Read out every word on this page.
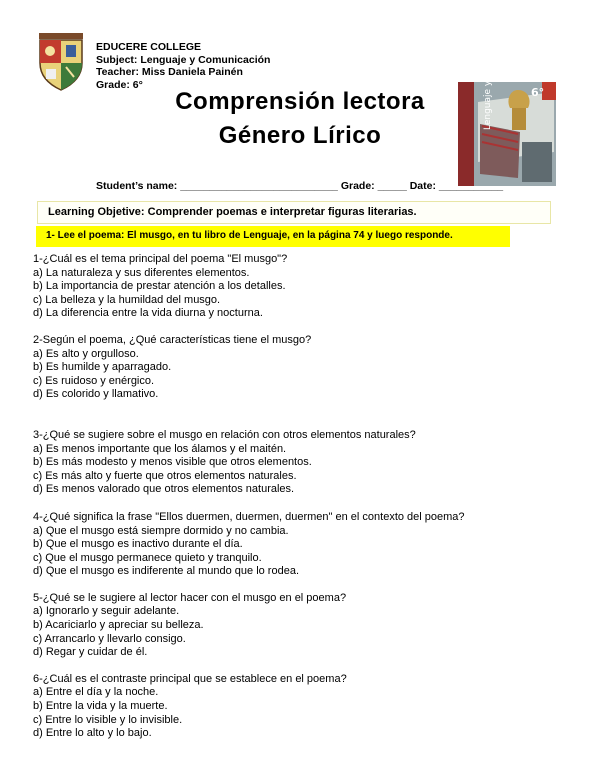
EDUCERE COLLEGE
Subject: Lenguaje y Comunicación
Teacher: Miss Daniela Painén
Grade: 6°
Comprensión lectora
Género Lírico
Lenguaje y Comunicación	6°
Student’s name: ___________________________ Grade: _____ Date: ___________
Learning Objetive: Comprender poemas e interpretar figuras literarias.
1- Lee el poema: El musgo, en tu libro de Lenguaje, en la página 74 y luego responde.

1-¿Cuál es el tema principal del poema "El musgo"?

a) La naturaleza y sus diferentes elementos.

b) La importancia de prestar atención a los detalles.

c) La belleza y la humildad del musgo.

d) La diferencia entre la vida diurna y nocturna.

2-Según el poema, ¿Qué características tiene el musgo?

a) Es alto y orgulloso.

b) Es humilde y aparragado.

c) Es ruidoso y enérgico.

d) Es colorido y llamativo.

3-¿Qué se sugiere sobre el musgo en relación con otros elementos naturales?

a) Es menos importante que los álamos y el maitén.

b) Es más modesto y menos visible que otros elementos.

c) Es más alto y fuerte que otros elementos naturales.

d) Es menos valorado que otros elementos naturales.

4-¿Qué significa la frase "Ellos duermen, duermen, duermen" en el contexto del poema?

a) Que el musgo está siempre dormido y no cambia.

b) Que el musgo es inactivo durante el día.

c) Que el musgo permanece quieto y tranquilo.

d) Que el musgo es indiferente al mundo que lo rodea.

5-¿Qué se le sugiere al lector hacer con el musgo en el poema?

a) Ignorarlo y seguir adelante.

b) Acariciarlo y apreciar su belleza.

c) Arrancarlo y llevarlo consigo.

d) Regar y cuidar de él.

6-¿Cuál es el contraste principal que se establece en el poema?

a) Entre el día y la noche.

b) Entre la vida y la muerte.

c) Entre lo visible y lo invisible.

d) Entre lo alto y lo bajo.
